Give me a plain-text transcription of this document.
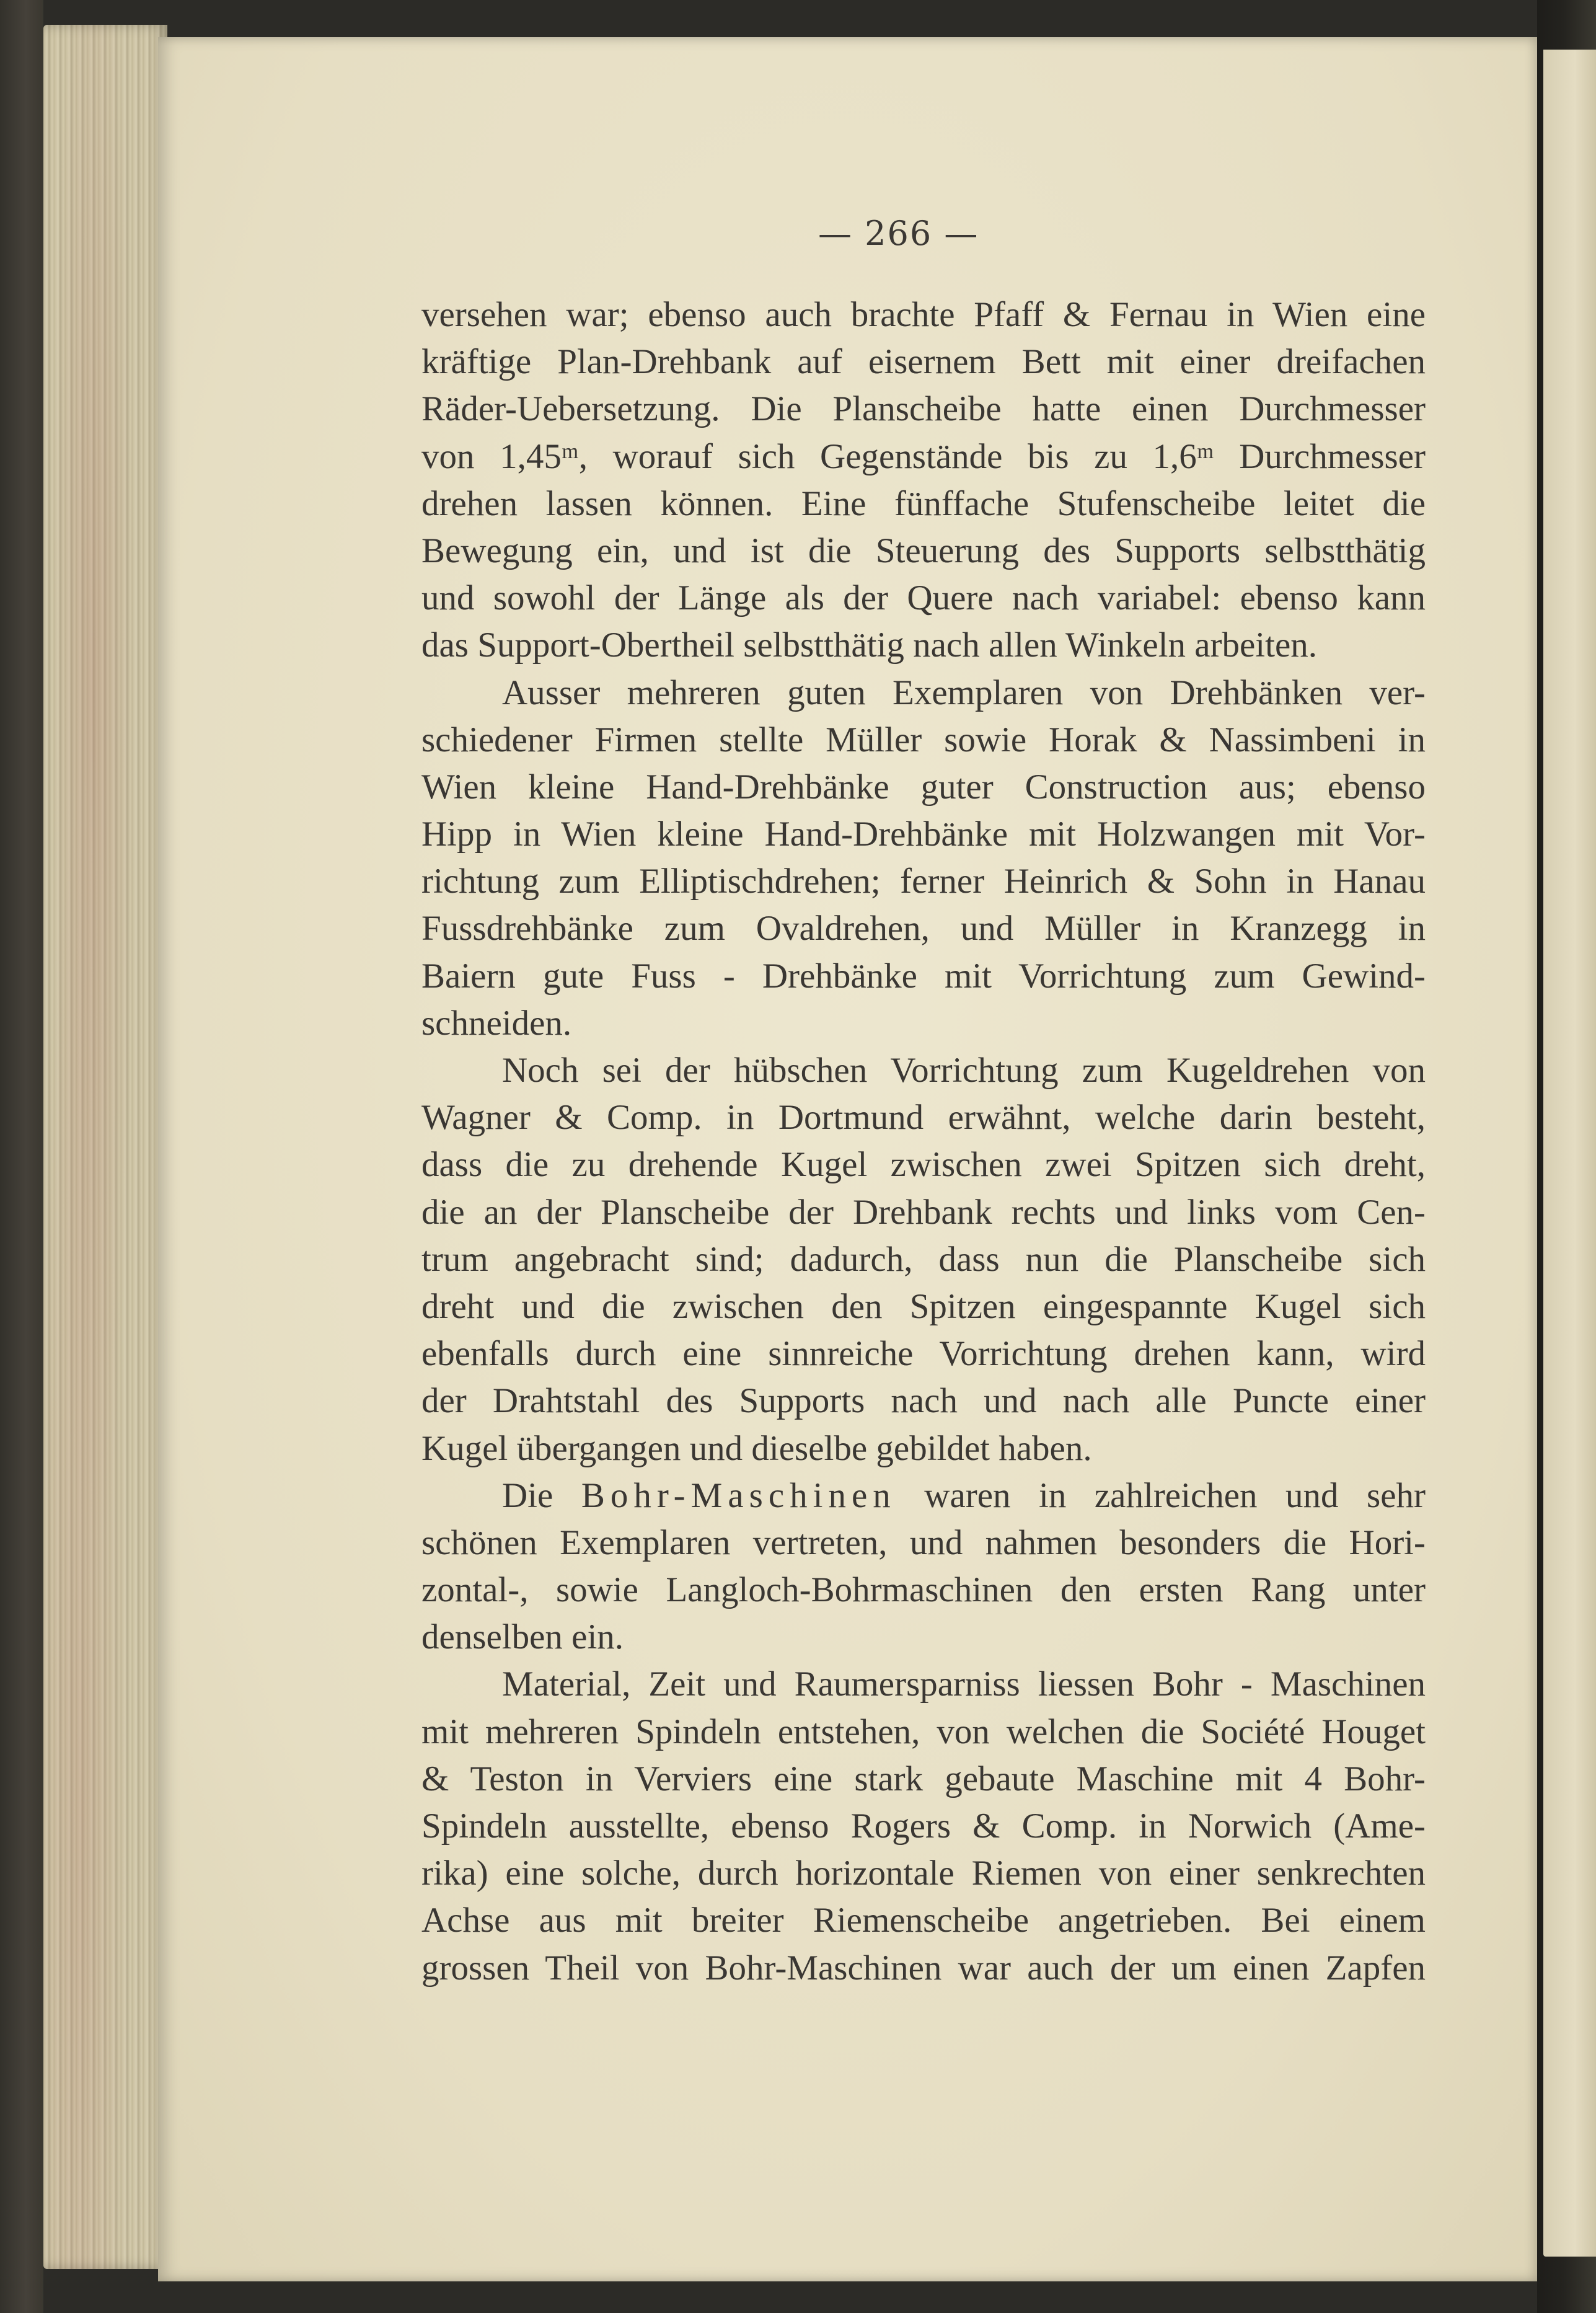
— 266 —
versehen war; ebenso auch brachte Pfaff & Fernau in Wien eine
kräftige Plan-Drehbank auf eisernem Bett mit einer dreifachen
Räder-Uebersetzung. Die Planscheibe hatte einen Durchmesser
von 1,45ᵐ, worauf sich Gegenstände bis zu 1,6ᵐ Durchmesser
drehen lassen können. Eine fünffache Stufenscheibe leitet die
Bewegung ein, und ist die Steuerung des Supports selbstthätig
und sowohl der Länge als der Quere nach variabel: ebenso kann
das Support-Obertheil selbstthätig nach allen Winkeln arbeiten.
Ausser mehreren guten Exemplaren von Drehbänken ver-
schiedener Firmen stellte Müller sowie Horak & Nassimbeni in
Wien kleine Hand-Drehbänke guter Construction aus; ebenso
Hipp in Wien kleine Hand-Drehbänke mit Holzwangen mit Vor-
richtung zum Elliptischdrehen; ferner Heinrich & Sohn in Hanau
Fussdrehbänke zum Ovaldrehen, und Müller in Kranzegg in
Baiern gute Fuss - Drehbänke mit Vorrichtung zum Gewind-
schneiden.
Noch sei der hübschen Vorrichtung zum Kugeldrehen von
Wagner & Comp. in Dortmund erwähnt, welche darin besteht,
dass die zu drehende Kugel zwischen zwei Spitzen sich dreht,
die an der Planscheibe der Drehbank rechts und links vom Cen-
trum angebracht sind; dadurch, dass nun die Planscheibe sich
dreht und die zwischen den Spitzen eingespannte Kugel sich
ebenfalls durch eine sinnreiche Vorrichtung drehen kann, wird
der Drahtstahl des Supports nach und nach alle Puncte einer
Kugel übergangen und dieselbe gebildet haben.
Die Bohr-Maschinen waren in zahlreichen und sehr
schönen Exemplaren vertreten, und nahmen besonders die Hori-
zontal-, sowie Langloch-Bohrmaschinen den ersten Rang unter
denselben ein.
Material, Zeit und Raumersparniss liessen Bohr - Maschinen
mit mehreren Spindeln entstehen, von welchen die Société Houget
& Teston in Verviers eine stark gebaute Maschine mit 4 Bohr-
Spindeln ausstellte, ebenso Rogers & Comp. in Norwich (Ame-
rika) eine solche, durch horizontale Riemen von einer senkrechten
Achse aus mit breiter Riemenscheibe angetrieben. Bei einem
grossen Theil von Bohr-Maschinen war auch der um einen Zapfen
